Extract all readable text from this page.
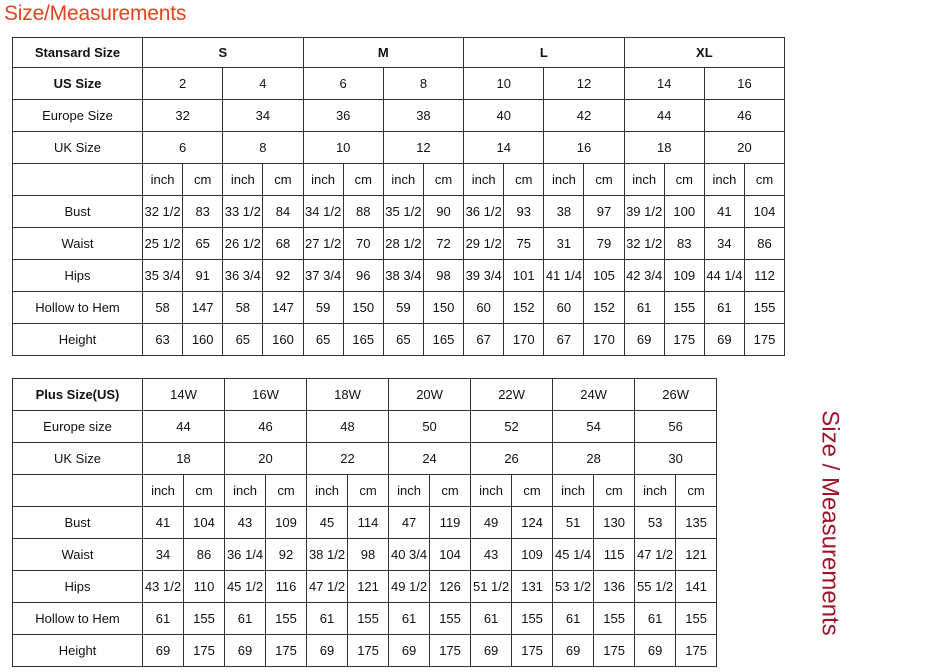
Size/Measurements
Stansard Size	S				M				L				XL			
US Size	2		4		6		8		10		12		14		16	
Europe Size	32		34		36		38		40		42		44		46	
UK Size	6		8		10		12		14		16		18		20	
	inch	cm	inch	cm	inch	cm	inch	cm	inch	cm	inch	cm	inch	cm	inch	cm
Bust	32 1/2	83	33 1/2	84	34 1/2	88	35 1/2	90	36 1/2	93	38	97	39 1/2	100	41	104
Waist	25 1/2	65	26 1/2	68	27 1/2	70	28 1/2	72	29 1/2	75	31	79	32 1/2	83	34	86
Hips	35 3/4	91	36 3/4	92	37 3/4	96	38 3/4	98	39 3/4	101	41 1/4	105	42 3/4	109	44 1/4	112
Hollow to Hem	58	147	58	147	59	150	59	150	60	152	60	152	61	155	61	155
Height	63	160	65	160	65	165	65	165	67	170	67	170	69	175	69	175
Plus Size(US)	14W		16W		18W		20W		22W		24W		26W		Size / Measurements
Europe size	44		46		48		50		52		54		56		
UK Size	18		20		22		24		26		28		30		
	inch	cm	inch	cm	inch	cm	inch	cm	inch	cm	inch	cm	inch	cm	
Bust	41	104	43	109	45	114	47	119	49	124	51	130	53	135	
Waist	34	86	36 1/4	92	38 1/2	98	40 3/4	104	43	109	45 1/4	115	47 1/2	121	
Hips	43 1/2	110	45 1/2	116	47 1/2	121	49 1/2	126	51 1/2	131	53 1/2	136	55 1/2	141	
Hollow to Hem	61	155	61	155	61	155	61	155	61	155	61	155	61	155	
Height	69	175	69	175	69	175	69	175	69	175	69	175	69	175	
